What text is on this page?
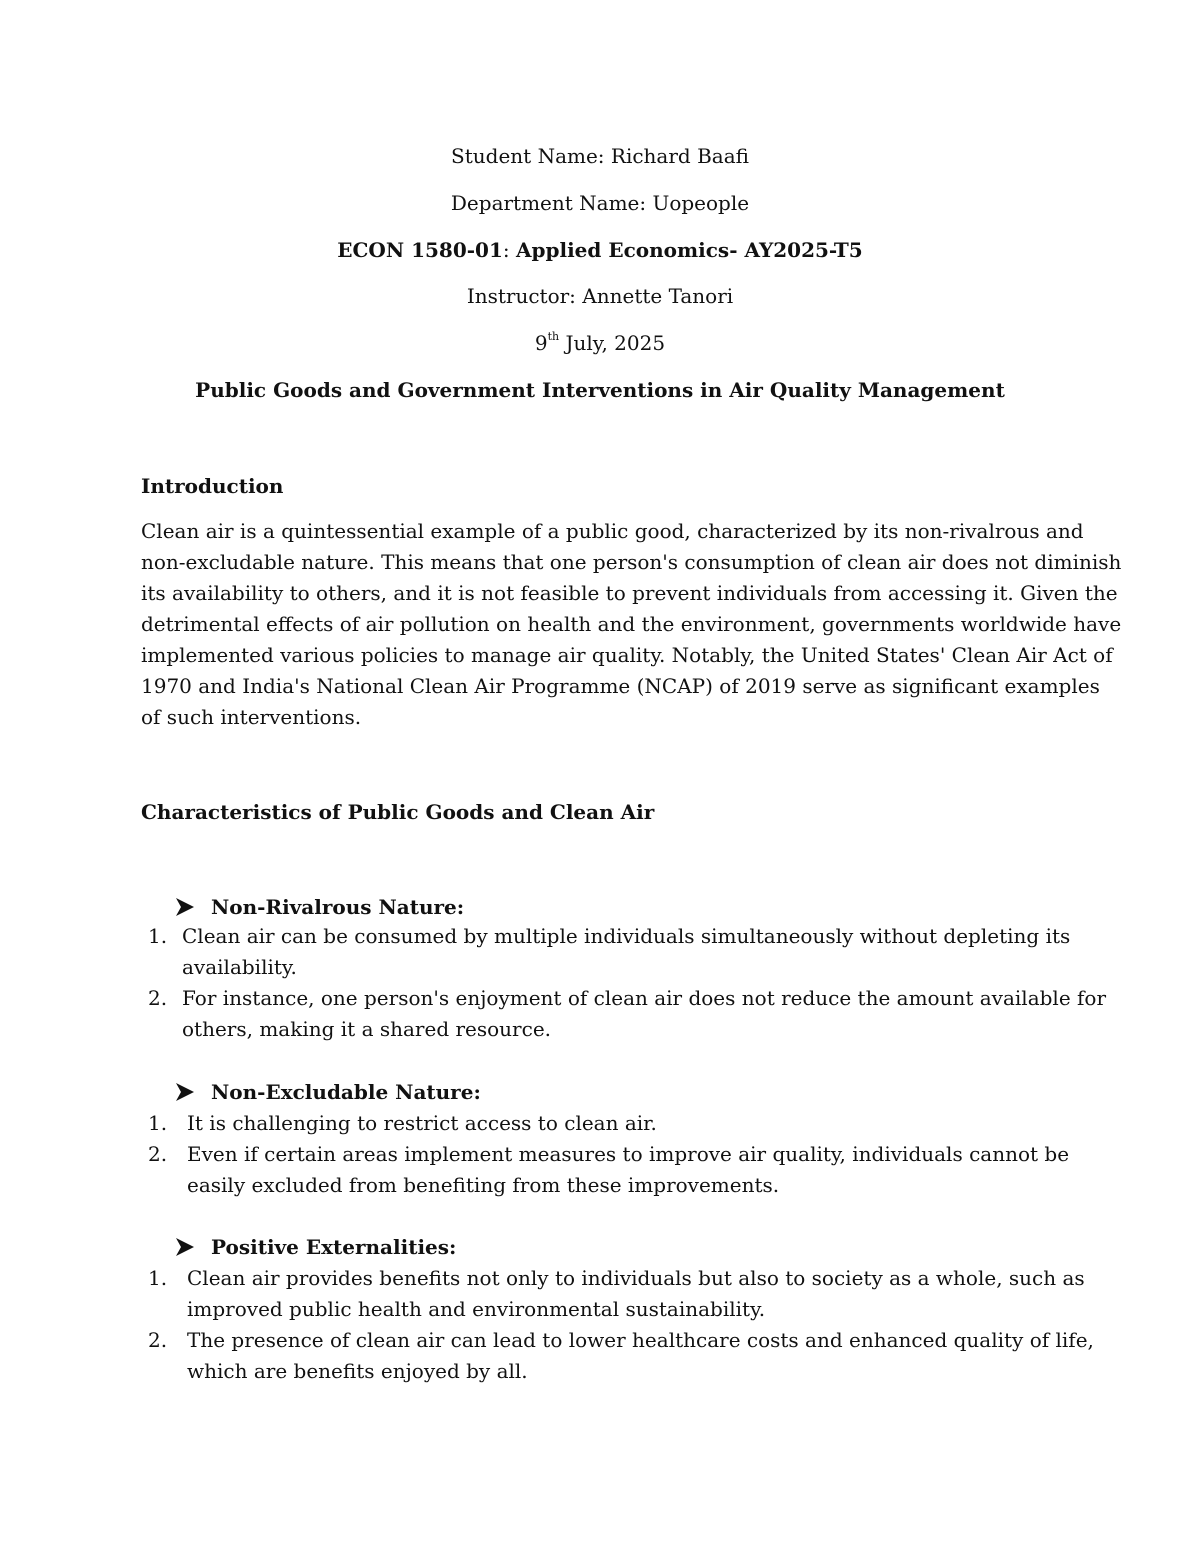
Student Name: Richard Baafi
Department Name: Uopeople
ECON 1580-01: Applied Economics- AY2025-T5
Instructor: Annette Tanori
9th July, 2025
Public Goods and Government Interventions in Air Quality Management
Introduction
Clean air is a quintessential example of a public good, characterized by its non-rivalrous and
non-excludable nature. This means that one person's consumption of clean air does not diminish
its availability to others, and it is not feasible to prevent individuals from accessing it. Given the
detrimental effects of air pollution on health and the environment, governments worldwide have
implemented various policies to manage air quality. Notably, the United States' Clean Air Act of
1970 and India's National Clean Air Programme (NCAP) of 2019 serve as significant examples
of such interventions.
Characteristics of Public Goods and Clean Air
Non-Rivalrous Nature:
1. Clean air can be consumed by multiple individuals simultaneously without depleting its
availability.
2. For instance, one person's enjoyment of clean air does not reduce the amount available for
others, making it a shared resource.
Non-Excludable Nature:
1. It is challenging to restrict access to clean air.
2. Even if certain areas implement measures to improve air quality, individuals cannot be
easily excluded from benefiting from these improvements.
Positive Externalities:
1. Clean air provides benefits not only to individuals but also to society as a whole, such as
improved public health and environmental sustainability.
2. The presence of clean air can lead to lower healthcare costs and enhanced quality of life,
which are benefits enjoyed by all.
